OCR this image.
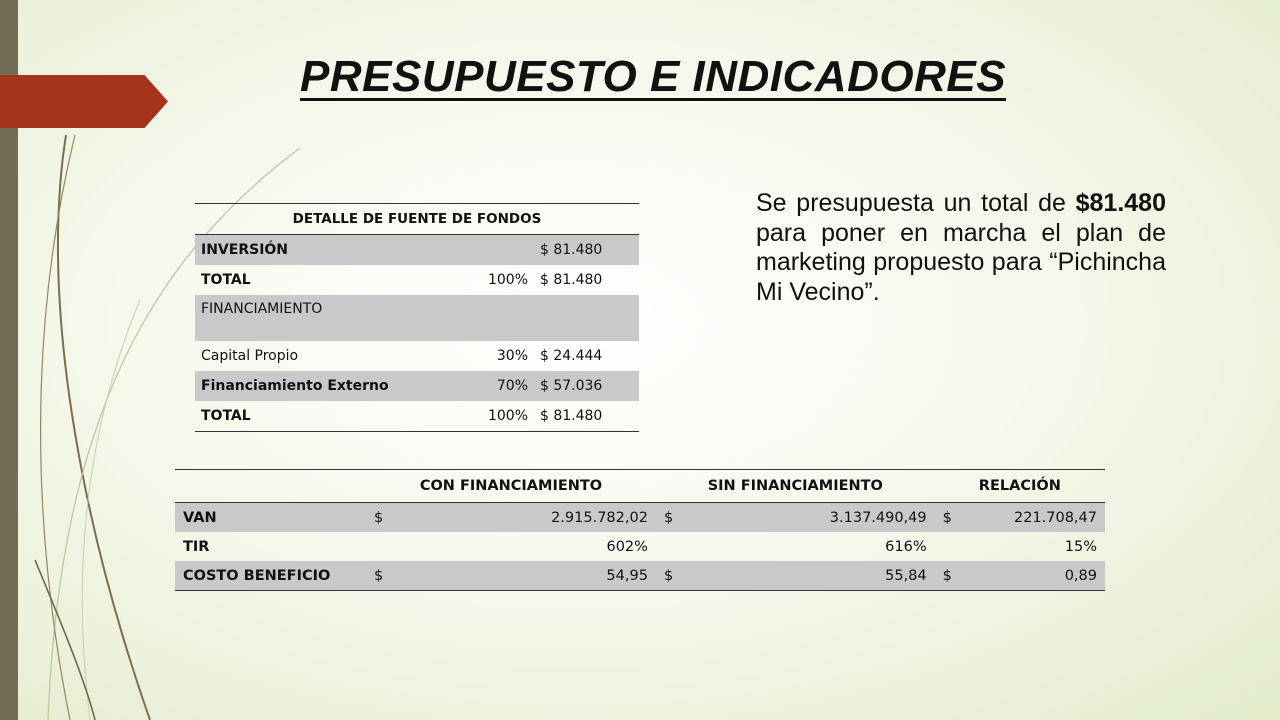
PRESUPUESTO E INDICADORES
DETALLE DE FUENTE DE FONDOS		
INVERSIÓN		$ 81.480
TOTAL	100%	$ 81.480
FINANCIAMIENTO		
Capital Propio	30%	$ 24.444
Financiamiento Externo	70%	$ 57.036
TOTAL	100%	$ 81.480

Se presupuesta un total de $81.480 para poner en marcha el plan de marketing propuesto para “Pichincha Mi Vecino”.

	CON FINANCIAMIENTO	SIN FINANCIAMIENTO	RELACIÓN
VAN	$ 2.915.782,02	$ 3.137.490,49	$ 221.708,47
TIR	602%	616%	15%
COSTO BENEFICIO	$ 54,95	$ 55,84	$ 0,89
